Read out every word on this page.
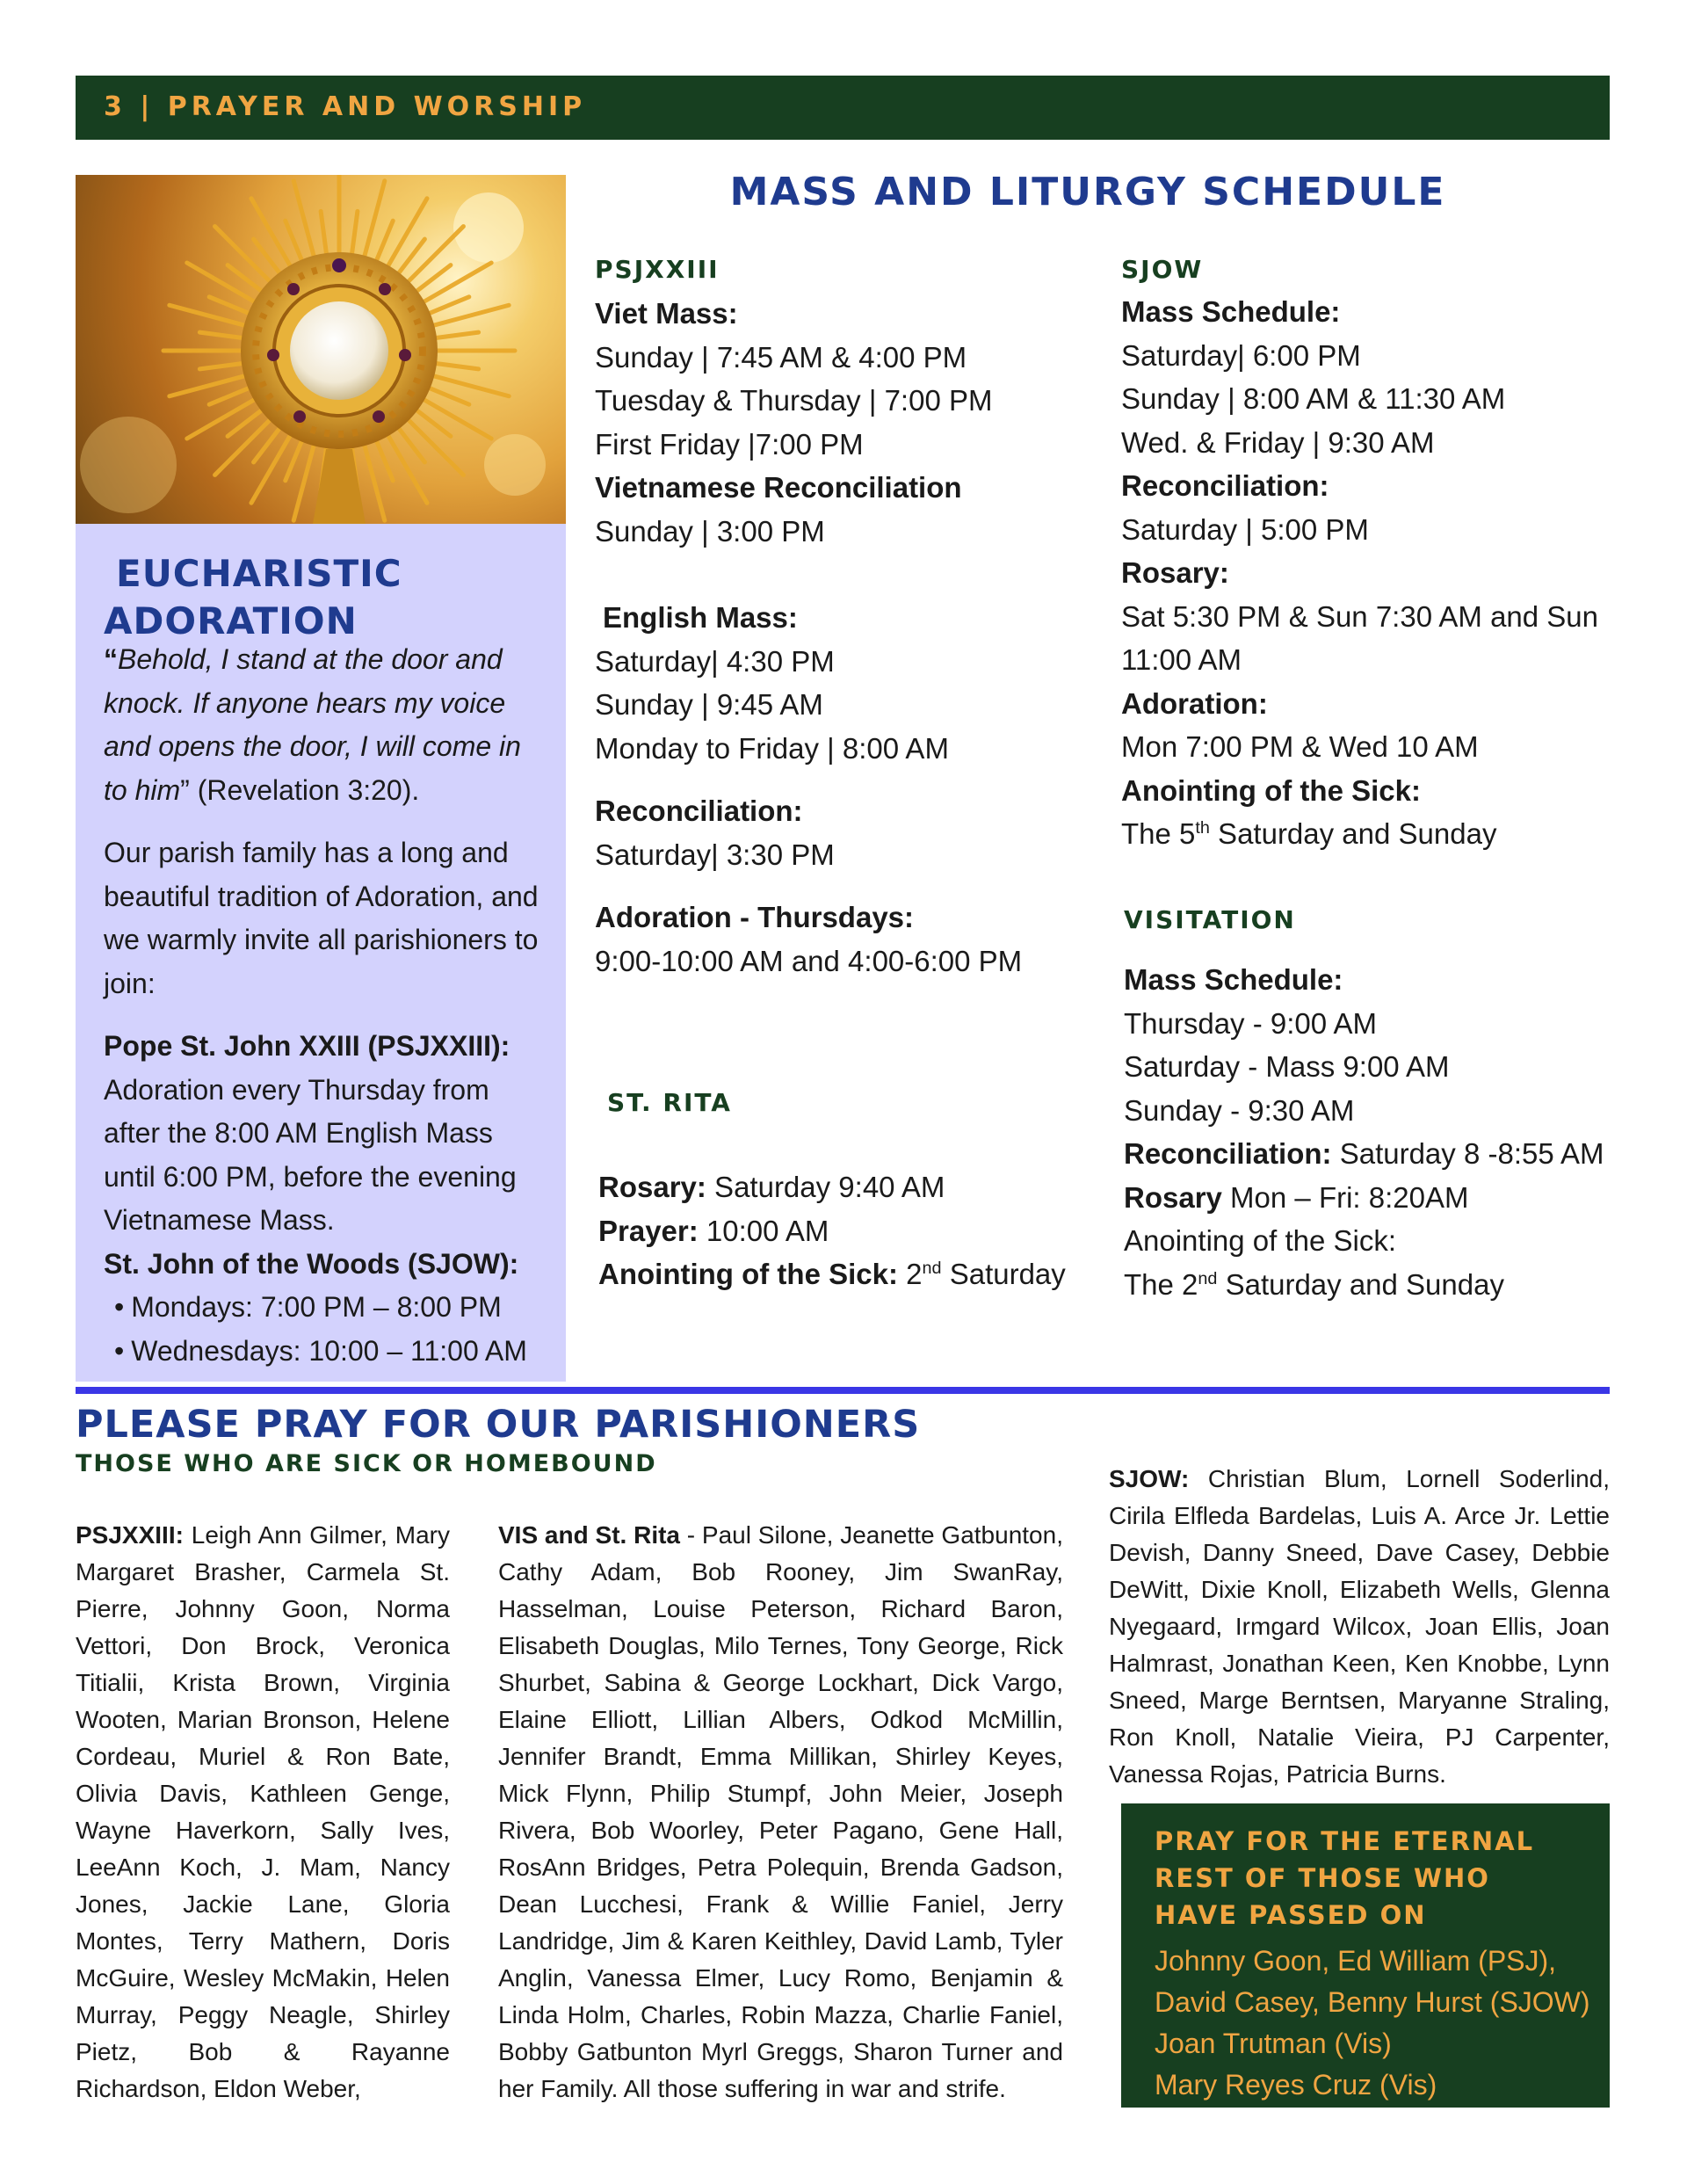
3 | PRAYER AND WORSHIP
EUCHARISTIC
ADORATION

“Behold, I stand at the door and knock. If anyone hears my voice and opens the door, I will come in to him” (Revelation 3:20).

Our parish family has a long and beautiful tradition of Adoration, and we warmly invite all parishioners to join:

Pope St. John XXIII (PSJXXIII):
Adoration every Thursday from after the 8:00 AM English Mass until 6:00 PM, before the evening Vietnamese Mass.
St. John of the Woods (SJOW):
• Mondays: 7:00 PM – 8:00 PM
• Wednesdays: 10:00 – 11:00 AM
MASS AND LITURGY SCHEDULE
PSJXXIII
Viet Mass:
Sunday | 7:45 AM & 4:00 PM
Tuesday & Thursday | 7:00 PM
First Friday |7:00 PM
Vietnamese Reconciliation
Sunday | 3:00 PM
English Mass:
Saturday| 4:30 PM
Sunday | 9:45 AM
Monday to Friday | 8:00 AM
Reconciliation:
Saturday| 3:30 PM
Adoration - Thursdays:
9:00-10:00 AM and 4:00-6:00 PM
ST. RITA
Rosary: Saturday 9:40 AM
Prayer: 10:00 AM
Anointing of the Sick: 2nd Saturday
SJOW
Mass Schedule:
Saturday| 6:00 PM
Sunday | 8:00 AM & 11:30 AM
Wed. & Friday | 9:30 AM
Reconciliation:
Saturday | 5:00 PM
Rosary:
Sat 5:30 PM & Sun 7:30 AM and Sun
11:00 AM
Adoration:
Mon 7:00 PM & Wed 10 AM
Anointing of the Sick:
The 5th Saturday and Sunday
VISITATION
Mass Schedule:
Thursday - 9:00 AM
Saturday - Mass 9:00 AM
Sunday - 9:30 AM
Reconciliation: Saturday 8 -8:55 AM
Rosary Mon – Fri: 8:20AM
Anointing of the Sick:
The 2nd Saturday and Sunday
PLEASE PRAY FOR OUR PARISHIONERS
THOSE WHO ARE SICK OR HOMEBOUND
PSJXXIII: Leigh Ann Gilmer, Mary Margaret Brasher, Carmela St. Pierre, Johnny Goon, Norma Vettori, Don Brock, Veronica Titialii, Krista Brown, Virginia Wooten, Marian Bronson, Helene Cordeau, Muriel & Ron Bate, Olivia Davis, Kathleen Genge, Wayne Haverkorn, Sally Ives, LeeAnn Koch, J. Mam, Nancy Jones, Jackie Lane, Gloria Montes, Terry Mathern, Doris McGuire, Wesley McMakin, Helen Murray, Peggy Neagle, Shirley Pietz, Bob & Rayanne Richardson, Eldon Weber,
VIS and St. Rita - Paul Silone, Jeanette Gatbunton, Cathy Adam, Bob Rooney, Jim SwanRay, Hasselman, Louise Peterson, Richard Baron, Elisabeth Douglas, Milo Ternes, Tony George, Rick Shurbet, Sabina & George Lockhart, Dick Vargo, Elaine Elliott, Lillian Albers, Odkod McMillin, Jennifer Brandt, Emma Millikan, Shirley Keyes, Mick Flynn, Philip Stumpf, John Meier, Joseph Rivera, Bob Woorley, Peter Pagano, Gene Hall, RosAnn Bridges, Petra Polequin, Brenda Gadson, Dean Lucchesi, Frank & Willie Faniel, Jerry Landridge, Jim & Karen Keithley, David Lamb, Tyler Anglin, Vanessa Elmer, Lucy Romo, Benjamin & Linda Holm, Charles, Robin Mazza, Charlie Faniel, Bobby Gatbunton Myrl Greggs, Sharon Turner and her Family. All those suffering in war and strife.
SJOW: Christian Blum, Lornell Soderlind, Cirila Elfleda Bardelas, Luis A. Arce Jr. Lettie Devish, Danny Sneed, Dave Casey, Debbie DeWitt, Dixie Knoll, Elizabeth Wells, Glenna Nyegaard, Irmgard Wilcox, Joan Ellis, Joan Halmrast, Jonathan Keen, Ken Knobbe, Lynn Sneed, Marge Berntsen, Maryanne Straling, Ron Knoll, Natalie Vieira, PJ Carpenter, Vanessa Rojas, Patricia Burns.
PRAY FOR THE ETERNAL REST OF THOSE WHO HAVE PASSED ON
Johnny Goon, Ed William (PSJ),
David Casey, Benny Hurst (SJOW)
Joan Trutman (Vis)
Mary Reyes Cruz (Vis)
